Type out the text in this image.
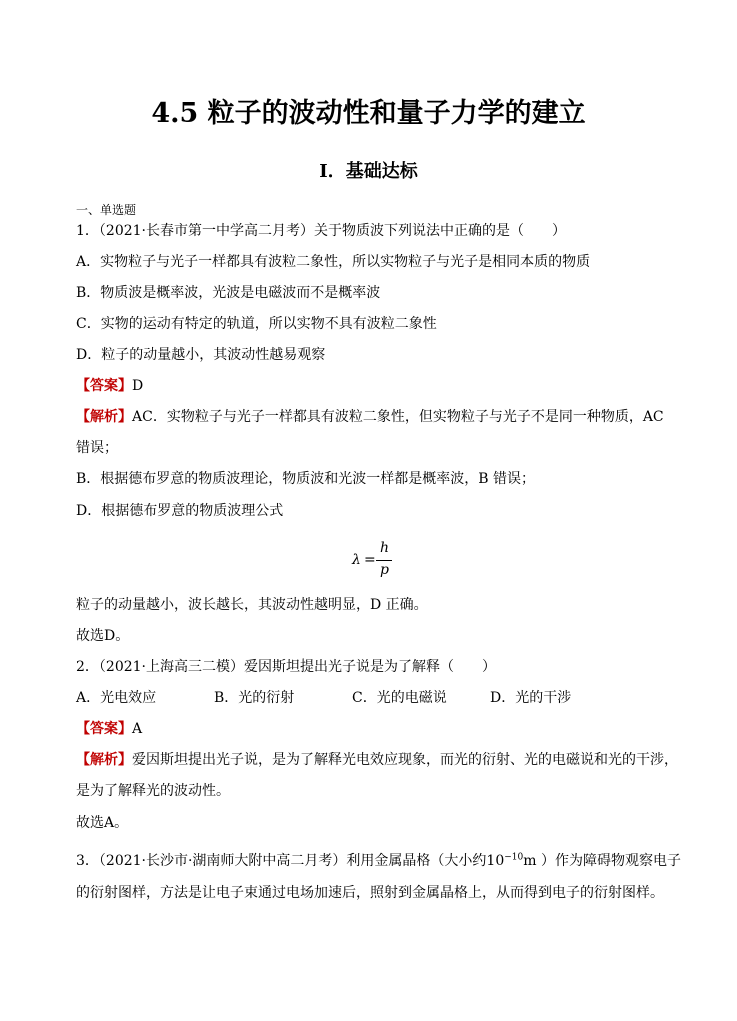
4.5 粒子的波动性和量子力学的建立
Ⅰ．基础达标
一、单选题
1．（2021·长春市第一中学高二月考）关于物质波下列说法中正确的是（　　）
A．实物粒子与光子一样都具有波粒二象性，所以实物粒子与光子是相同本质的物质
B．物质波是概率波，光波是电磁波而不是概率波
C．实物的运动有特定的轨道，所以实物不具有波粒二象性
D．粒子的动量越小，其波动性越易观察
【答案】D
【解析】AC．实物粒子与光子一样都具有波粒二象性，但实物粒子与光子不是同一种物质，AC
错误；
B．根据德布罗意的物质波理论，物质波和光波一样都是概率波，B 错误；
D．根据德布罗意的物质波理公式
λ =
h
p
粒子的动量越小，波长越长，其波动性越明显，D 正确。
故选D。
2．（2021·上海高三二模）爱因斯坦提出光子说是为了解释（　　）
A．光电效应	B．光的衍射	C．光的电磁说	D．光的干涉
【答案】A
【解析】爱因斯坦提出光子说，是为了解释光电效应现象，而光的衍射、光的电磁说和光的干涉，
是为了解释光的波动性。
故选A。
3．（2021·长沙市·湖南师大附中高二月考）利用金属晶格（大小约$10^{-10}m$ ）作为障碍物观察电子
的衍射图样，方法是让电子束通过电场加速后，照射到金属晶格上，从而得到电子的衍射图样。
